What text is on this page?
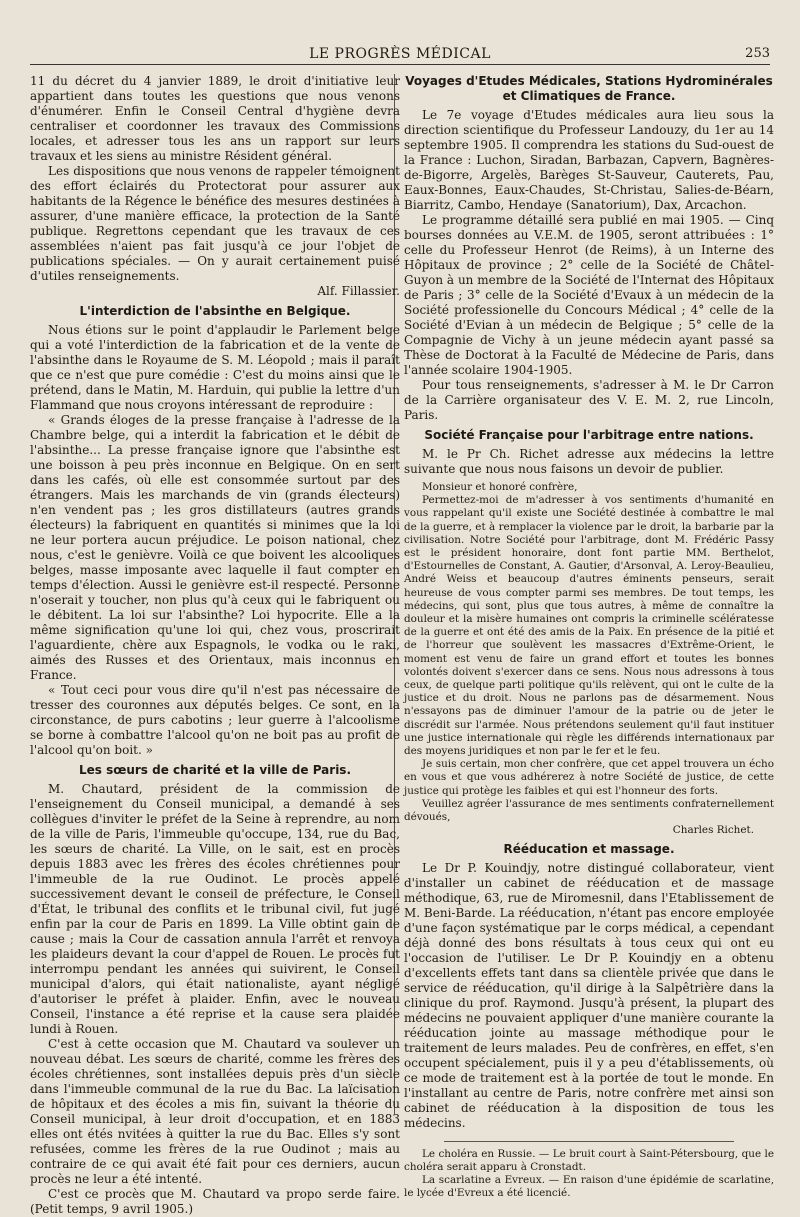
LE PROGRÈS MÉDICAL	253

11 du décret du 4 janvier 1889, le droit d'initiative leur appartient dans toutes les questions que nous venons d'énumérer. Enfin le Conseil Central d'hygiène devra centraliser et coordonner les travaux des Commissions locales, et adresser tous les ans un rapport sur leurs travaux et les siens au ministre Résident général.

Les dispositions que nous venons de rappeler témoignent des effort éclairés du Protectorat pour assurer aux habitants de la Régence le bénéfice des mesures destinées à assurer, d'une manière efficace, la protection de la Santé publique. Regrettons cependant que les travaux de ces assemblées n'aient pas fait jusqu'à ce jour l'objet de publications spéciales. — On y aurait certainement puisé d'utiles renseignements.

Alf. Fillassier.

L'interdiction de l'absinthe en Belgique.

Nous étions sur le point d'applaudir le Parlement belge qui a voté l'interdiction de la fabrication et de la vente de l'absinthe dans le Royaume de S. M. Léopold ; mais il paraît que ce n'est que pure comédie : C'est du moins ainsi que le prétend, dans le Matin, M. Harduin, qui publie la lettre d'un Flammand que nous croyons intéressant de reproduire :

« Grands éloges de la presse française à l'adresse de la Chambre belge, qui a interdit la fabrication et le débit de l'absinthe... La presse française ignore que l'absinthe est une boisson à peu près inconnue en Belgique. On en sert dans les cafés, où elle est consommée surtout par des étrangers. Mais les marchands de vin (grands électeurs) n'en vendent pas ; les gros distillateurs (autres grands électeurs) la fabriquent en quantités si minimes que la loi ne leur portera aucun préjudice. Le poison national, chez nous, c'est le genièvre. Voilà ce que boivent les alcooliques belges, masse imposante avec laquelle il faut compter en temps d'élection. Aussi le genièvre est-il respecté. Personne n'oserait y toucher, non plus qu'à ceux qui le fabriquent ou le débitent. La loi sur l'absinthe? Loi hypocrite. Elle a la même signification qu'une loi qui, chez vous, proscrirait l'aguardiente, chère aux Espagnols, le vodka ou le raki, aimés des Russes et des Orientaux, mais inconnus en France.

« Tout ceci pour vous dire qu'il n'est pas nécessaire de tresser des couronnes aux députés belges. Ce sont, en la circonstance, de purs cabotins ; leur guerre à l'alcoolisme se borne à combattre l'alcool qu'on ne boit pas au profit de l'alcool qu'on boit. »

Les sœurs de charité et la ville de Paris.

M. Chautard, président de la commission de l'enseignement du Conseil municipal, a demandé à ses collègues d'inviter le préfet de la Seine à reprendre, au nom de la ville de Paris, l'immeuble qu'occupe, 134, rue du Bac, les sœurs de charité. La Ville, on le sait, est en procès depuis 1883 avec les frères des écoles chrétiennes pour l'immeuble de la rue Oudinot. Le procès appelé successivement devant le conseil de préfecture, le Conseil d'État, le tribunal des conflits et le tribunal civil, fut jugé enfin par la cour de Paris en 1899. La Ville obtint gain de cause ; mais la Cour de cassation annula l'arrêt et renvoya les plaideurs devant la cour d'appel de Rouen. Le procès fut interrompu pendant les années qui suivirent, le Conseil municipal d'alors, qui était nationaliste, ayant négligé d'autoriser le préfet à plaider. Enfin, avec le nouveau Conseil, l'instance a été reprise et la cause sera plaidée lundi à Rouen.

C'est à cette occasion que M. Chautard va soulever un nouveau débat. Les sœurs de charité, comme les frères des écoles chrétiennes, sont installées depuis près d'un siècle dans l'immeuble communal de la rue du Bac. La laïcisation de hôpitaux et des écoles a mis fin, suivant la théorie du Conseil municipal, à leur droit d'occupation, et en 1883 elles ont étés nvitées à quitter la rue du Bac. Elles s'y sont refusées, comme les frères de la rue Oudinot ; mais au contraire de ce qui avait été fait pour ces derniers, aucun procès ne leur a été intenté.

C'est ce procès que M. Chautard va propo serde faire. (Petit temps, 9 avril 1905.)

Voyages d'Etudes Médicales, Stations Hydrominérales et Climatiques de France.

Le 7e voyage d'Etudes médicales aura lieu sous la direction scientifique du Professeur Landouzy, du 1er au 14 septembre 1905. Il comprendra les stations du Sud-ouest de la France : Luchon, Siradan, Barbazan, Capvern, Bagnères-de-Bigorre, Argelès, Barèges St-Sauveur, Cauterets, Pau, Eaux-Bonnes, Eaux-Chaudes, St-Christau, Salies-de-Béarn, Biarritz, Cambo, Hendaye (Sanatorium), Dax, Arcachon.

Le programme détaillé sera publié en mai 1905. — Cinq bourses données au V.E.M. de 1905, seront attribuées : 1° celle du Professeur Henrot (de Reims), à un Interne des Hôpitaux de province ; 2° celle de la Société de Châtel-Guyon à un membre de la Société de l'Internat des Hôpitaux de Paris ; 3° celle de la Société d'Evaux à un médecin de la Société professionelle du Concours Médical ; 4° celle de la Société d'Evian à un médecin de Belgique ; 5° celle de la Compagnie de Vichy à un jeune médecin ayant passé sa Thèse de Doctorat à la Faculté de Médecine de Paris, dans l'année scolaire 1904-1905.

Pour tous renseignements, s'adresser à M. le Dr Carron de la Carrière organisateur des V. E. M. 2, rue Lincoln, Paris.

Société Française pour l'arbitrage entre nations.

M. le Pr Ch. Richet adresse aux médecins la lettre suivante que nous nous faisons un devoir de publier.

Monsieur et honoré confrère,

Permettez-moi de m'adresser à vos sentiments d'humanité en vous rappelant qu'il existe une Société destinée à combattre le mal de la guerre, et à remplacer la violence par le droit, la barbarie par la civilisation. Notre Société pour l'arbitrage, dont M. Frédéric Passy est le président honoraire, dont font partie MM. Berthelot, d'Estournelles de Constant, A. Gautier, d'Arsonval, A. Leroy-Beaulieu, André Weiss et beaucoup d'autres éminents penseurs, serait heureuse de vous compter parmi ses membres. De tout temps, les médecins, qui sont, plus que tous autres, à même de connaître la douleur et la misère humaines ont compris la criminelle scélératesse de la guerre et ont été des amis de la Paix. En présence de la pitié et de l'horreur que soulèvent les massacres d'Extrême-Orient, le moment est venu de faire un grand effort et toutes les bonnes volontés doivent s'exercer dans ce sens. Nous nous adressons à tous ceux, de quelque parti politique qu'ils relèvent, qui ont le culte de la justice et du droit. Nous ne parlons pas de désarmement. Nous n'essayons pas de diminuer l'amour de la patrie ou de jeter le discrédit sur l'armée. Nous prétendons seulement qu'il faut instituer une justice internationale qui règle les différends internationaux par des moyens juridiques et non par le fer et le feu.

Je suis certain, mon cher confrère, que cet appel trouvera un écho en vous et que vous adhérerez à notre Société de justice, de cette justice qui protège les faibles et qui est l'honneur des forts.

Veuillez agréer l'assurance de mes sentiments confraternellement dévoués,

Charles Richet.

Rééducation et massage.

Le Dr P. Kouindjy, notre distingué collaborateur, vient d'installer un cabinet de rééducation et de massage méthodique, 63, rue de Miromesnil, dans l'Etablissement de M. Beni-Barde. La rééducation, n'étant pas encore employée d'une façon systématique par le corps médical, a cependant déjà donné des bons résultats à tous ceux qui ont eu l'occasion de l'utiliser. Le Dr P. Kouindjy en a obtenu d'excellents effets tant dans sa clientèle privée que dans le service de rééducation, qu'il dirige à la Salpêtrière dans la clinique du prof. Raymond. Jusqu'à présent, la plupart des médecins ne pouvaient appliquer d'une manière courante la rééducation jointe au massage méthodique pour le traitement de leurs malades. Peu de confrères, en effet, s'en occupent spécialement, puis il y a peu d'établissements, où ce mode de traitement est à la portée de tout le monde. En l'installant au centre de Paris, notre confrère met ainsi son cabinet de rééducation à la disposition de tous les médecins.

Le choléra en Russie. — Le bruit court à Saint-Pétersbourg, que le choléra serait apparu à Cronstadt.

La scarlatine a Evreux. — En raison d'une épidémie de scarlatine, le lycée d'Evreux a été licencié.
